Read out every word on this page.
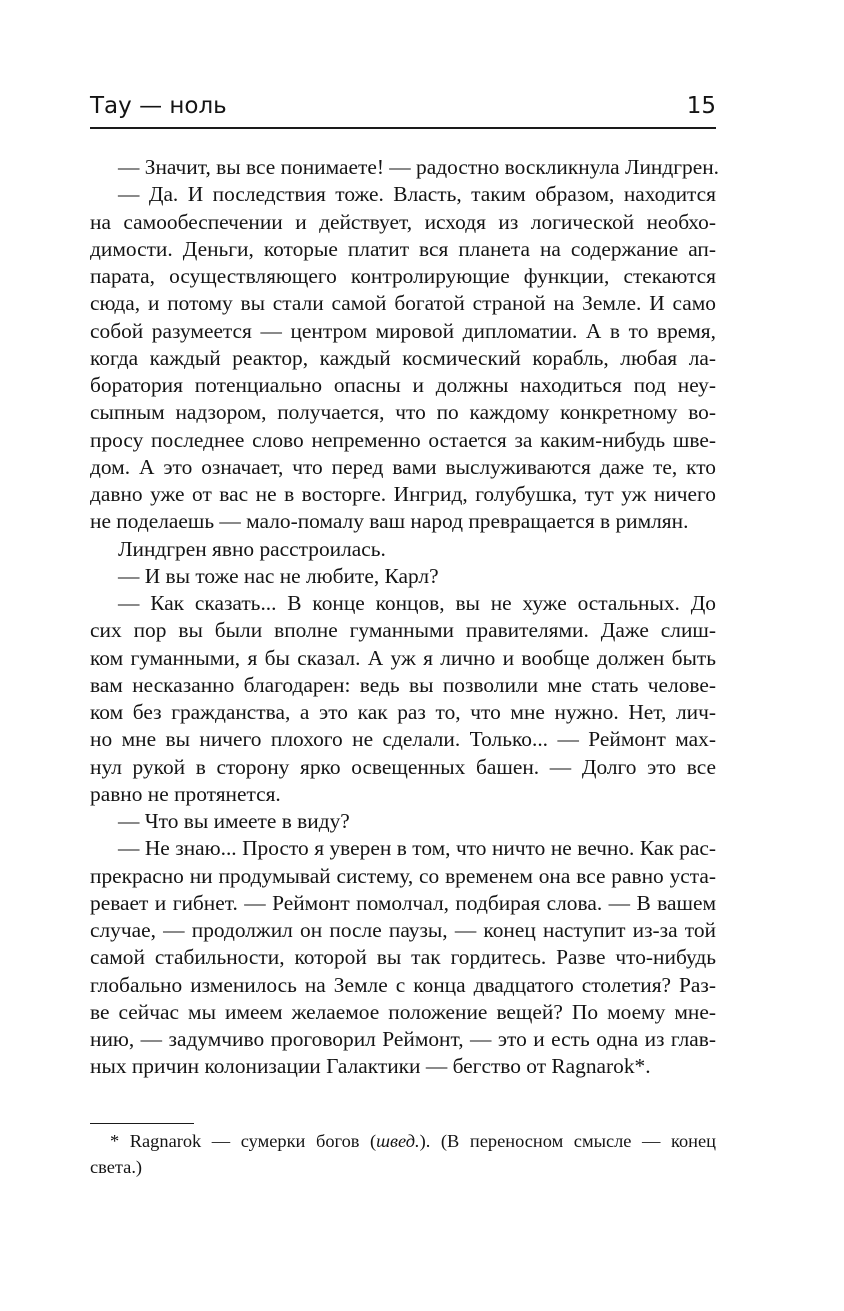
Тау — ноль	15
— Значит, вы все понимаете! — радостно воскликнула Линдгрен.
— Да. И последствия тоже. Власть, таким образом, находится
на самообеспечении и действует, исходя из логической необхо-
димости. Деньги, которые платит вся планета на содержание ап-
парата, осуществляющего контролирующие функции, стекаются
сюда, и потому вы стали самой богатой страной на Земле. И само
собой разумеется — центром мировой дипломатии. А в то время,
когда каждый реактор, каждый космический корабль, любая ла-
боратория потенциально опасны и должны находиться под неу-
сыпным надзором, получается, что по каждому конкретному во-
просу последнее слово непременно остается за каким-нибудь шве-
дом. А это означает, что перед вами выслуживаются даже те, кто
давно уже от вас не в восторге. Ингрид, голубушка, тут уж ничего
не поделаешь — мало-помалу ваш народ превращается в римлян.
Линдгрен явно расстроилась.
— И вы тоже нас не любите, Карл?
— Как сказать... В конце концов, вы не хуже остальных. До
сих пор вы были вполне гуманными правителями. Даже слиш-
ком гуманными, я бы сказал. А уж я лично и вообще должен быть
вам несказанно благодарен: ведь вы позволили мне стать челове-
ком без гражданства, а это как раз то, что мне нужно. Нет, лич-
но мне вы ничего плохого не сделали. Только... — Реймонт мах-
нул рукой в сторону ярко освещенных башен. — Долго это все
равно не протянется.
— Что вы имеете в виду?
— Не знаю... Просто я уверен в том, что ничто не вечно. Как рас-
прекрасно ни продумывай систему, со временем она все равно уста-
ревает и гибнет. — Реймонт помолчал, подбирая слова. — В вашем
случае, — продолжил он после паузы, — конец наступит из-за той
самой стабильности, которой вы так гордитесь. Разве что-нибудь
глобально изменилось на Земле с конца двадцатого столетия? Раз-
ве сейчас мы имеем желаемое положение вещей? По моему мне-
нию, — задумчиво проговорил Реймонт, — это и есть одна из глав-
ных причин колонизации Галактики — бегство от Ragnarok*.
* Ragnarok — сумерки богов (швед.). (В переносном смысле — конец
света.)
